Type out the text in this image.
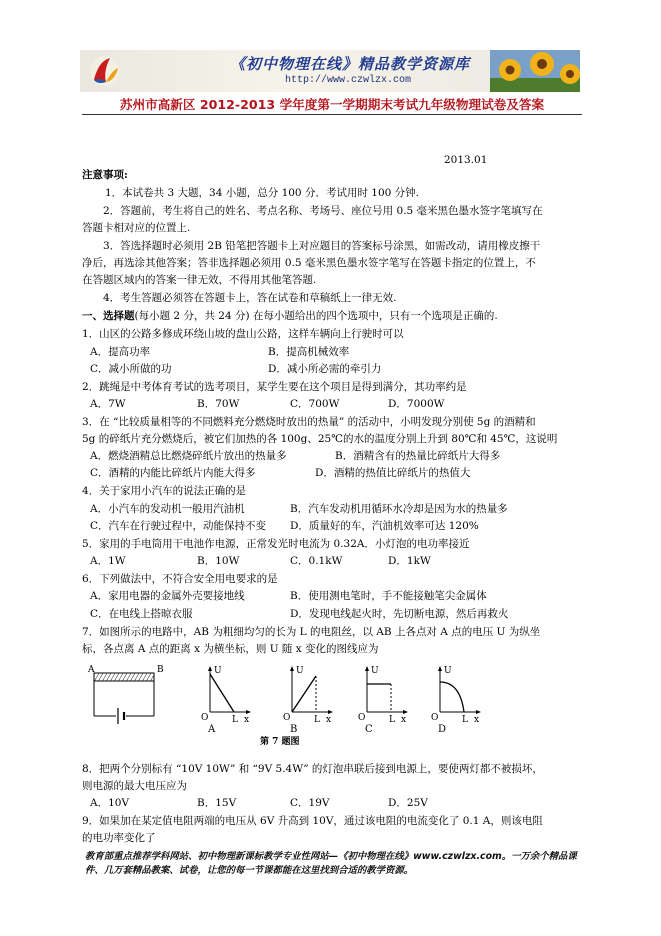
《初中物理在线》精品教学资源库
http://www.czwlzx.com
苏州市高新区 2012-2013 学年度第一学期期末考试九年级物理试卷及答案
2013.01
注意事项:
1．本试卷共 3 大题，34 小题，总分 100 分．考试用时 100 分钟.
2．答题前，考生将自己的姓名、考点名称、考场号、座位号用 0.5 毫米黑色墨水签字笔填写在
答题卡相对应的位置上.
3．答选择题时必须用 2B 铅笔把答题卡上对应题目的答案标号涂黑，如需改动，请用橡皮擦干
净后，再选涂其他答案；答非选择题必须用 0.5 毫米黑色墨水签字笔写在答题卡指定的位置上，不
在答题区域内的答案一律无效，不得用其他笔答题.
4．考生答题必须答在答题卡上，答在试卷和草稿纸上一律无效.
一、选择题(每小题 2 分，共 24 分) 在每小题给出的四个选项中，只有一个选项是正确的.
1．山区的公路多修成环绕山坡的盘山公路，这样车辆向上行驶时可以
A．提高功率	B．提高机械效率
C．减小所做的功	D．减小所必需的牵引力
2．跳绳是中考体育考试的选考项目，某学生要在这个项目是得到满分，其功率约是
A．7W	B．70W	C．700W	D．7000W
3．在 “比较质量相等的不同燃料充分燃烧时放出的热量” 的活动中，小明发现分别使 5g 的酒精和
5g 的碎纸片充分燃烧后，被它们加热的各 100g、25℃的水的温度分别上升到 80℃和 45℃，这说明
A．燃烧酒精总比燃烧碎纸片放出的热量多	B．酒精含有的热量比碎纸片大得多
C．酒精的内能比碎纸片内能大得多	D．酒精的热值比碎纸片的热值大
4．关于家用小汽车的说法正确的是
A．小汽车的发动机一般用汽油机	B．汽车发动机用循环水冷却是因为水的热量多
C．汽车在行驶过程中，动能保持不变 D．质量好的车，汽油机效率可达 120%
5．家用的手电筒用干电池作电源，正常发光时电流为 0.32A．小灯泡的电功率接近
A．1W	B．10W	C．0.1kW	D．1kW
6．下列做法中，不符合安全用电要求的是
A．家用电器的金属外壳要接地线	B．使用测电笔时，手不能接触笔尖金属体
C．在电线上搭晾衣服	D．发现电线起火时，先切断电源，然后再救火
7．如图所示的电路中，AB 为粗细均匀的长为 L 的电阻丝，以 AB 上各点对 A 点的电压 U 为纵坐
标，各点离 A 点的距离 x 为横坐标，则 U 随 x 变化的图线应为
A	B	U
O	L x
A
U
O	L x
B
U
O	L x
C
U
O	L x
D
第 7 题图
8．把两个分别标有 “10V 10W” 和 “9V 5.4W” 的灯泡串联后接到电源上，要使两灯都不被损坏，
则电源的最大电压应为
A．10V	B．15V	C．19V	D．25V
9．如果加在某定值电阻两端的电压从 6V 升高到 10V，通过该电阻的电流变化了 0.1 A，则该电阻
的电功率变化了
教育部重点推荐学科网站、初中物理新课标教学专业性网站—《初中物理在线》www.czwlzx.com。一万余个精品课
件、几万套精品教案、试卷，让您的每一节课都能在这里找到合适的教学资源。
